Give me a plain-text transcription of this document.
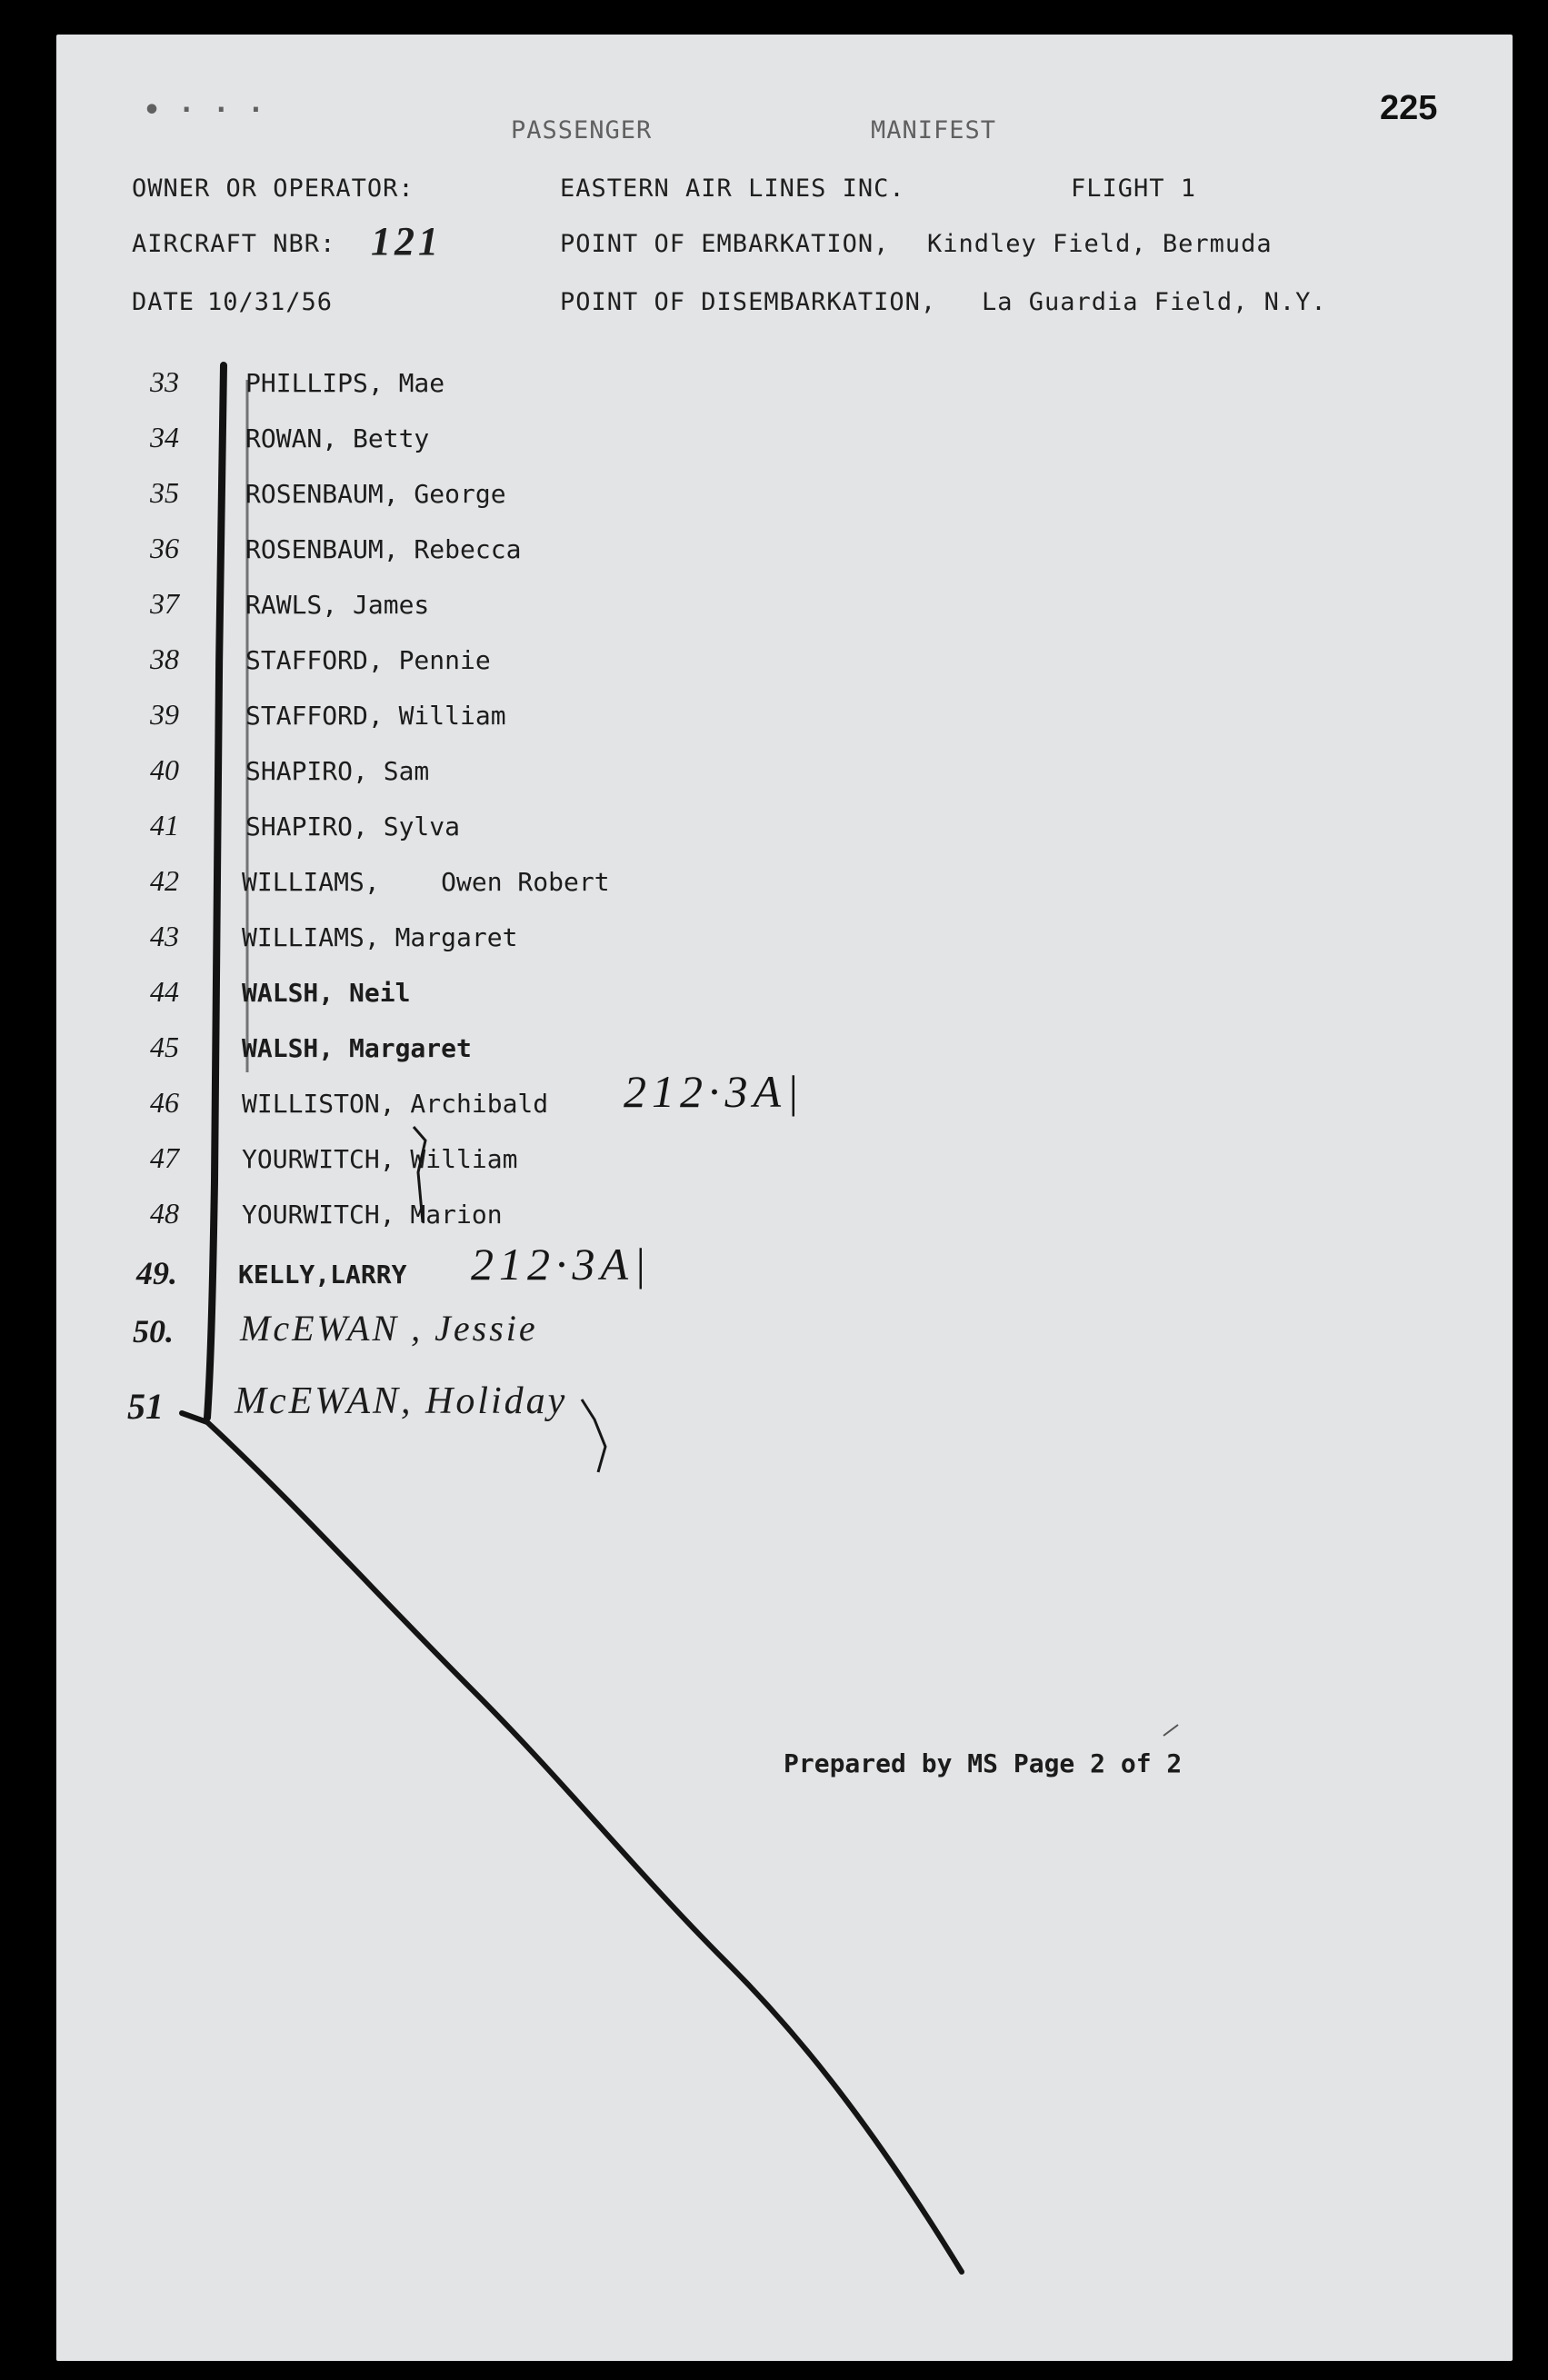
• · · ·
PASSENGER	MANIFEST
225
OWNER OR OPERATOR:	EASTERN AIR LINES INC.	FLIGHT 1
AIRCRAFT NBR: 121	POINT OF EMBARKATION, Kindley Field, Bermuda
DATE 10/31/56	POINT OF DISEMBARKATION, La Guardia Field, N.Y.
33	PHILLIPS, Mae
34	ROWAN, Betty
35	ROSENBAUM, George
36	ROSENBAUM, Rebecca
37	RAWLS, James
38	STAFFORD, Pennie
39	STAFFORD, William
40	SHAPIRO, Sam
41	SHAPIRO, Sylva
42	WILLIAMS,    Owen Robert
43	WILLIAMS, Margaret
44	WALSH, Neil
45	WALSH, Margaret
46	WILLISTON, Archibald 212·3A|
47	YOURWITCH, William
48	YOURWITCH, Marion
49.	KELLY,LARRY 212·3A|
50.	McEWAN , Jessie
51	McEWAN, Holiday
Prepared by MS Page 2 of 2
